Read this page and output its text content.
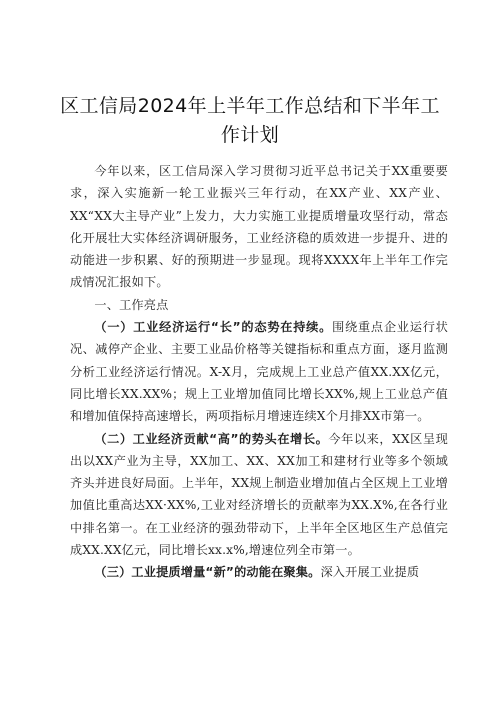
区工信局2024年上半年工作总结和下半年工作计划

今年以来，区工信局深入学习贯彻习近平总书记关于XX重要要求，深入实施新一轮工业振兴三年行动，在XX产业、XX产业、XX“XX大主导产业”上发力，大力实施工业提质增量攻坚行动，常态化开展壮大实体经济调研服务，工业经济稳的质效进一步提升、进的动能进一步积累、好的预期进一步显现。现将XXXX年上半年工作完成情况汇报如下。

一、工作亮点

（一）工业经济运行“长”的态势在持续。围绕重点企业运行状况、减停产企业、主要工业品价格等关键指标和重点方面，逐月监测分析工业经济运行情况。X-X月，完成规上工业总产值XX.XX亿元，同比增长XX.XX%；规上工业增加值同比增长XX%,规上工业总产值和增加值保持高速增长，两项指标月增速连续X个月排XX市第一。

（二）工业经济贡献“高”的势头在增长。今年以来，XX区呈现出以XX产业为主导，XX加工、XX、XX加工和建材行业等多个领域齐头并进良好局面。上半年，XX规上制造业增加值占全区规上工业增加值比重高达XX·XX%,工业对经济增长的贡献率为XX.X%,在各行业中排名第一。在工业经济的强劲带动下，上半年全区地区生产总值完成XX.XX亿元，同比增长xx.x%,增速位列全市第一。

（三）工业提质增量“新”的动能在聚集。深入开展工业提质
